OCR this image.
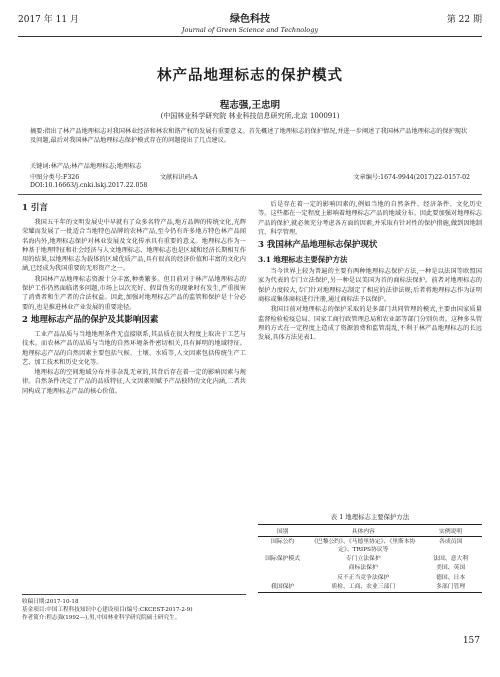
2017 年 11 月	绿色科技
Journal of Green Science and Technology
第 22 期
林产品地理标志的保护模式
程志强,王忠明
(中国林业科学研究院 林业科技信息研究所,北京 100091)
摘要:指出了林产品地理标志对我国林业经济和林农和谐产权的发展有重要意义。首先概述了地理标志的保护情况,并进一步阐述了我国林产品地理标志的保护现状及问题,最后对我国林产品地理标志保护模式存在的问题提出了几点建议。
关键词:林产品;林产品地理标志;地理标志
中图分类号:F326	文献标识码:A	文章编号:1674-9944(2017)22-0157-02
DOI:10.16663/j.cnki.lskj.2017.22.058
1 引言

我国五千年的文明发展史中早就有了众多名特产品,地方品牌的传统文化,光辉荣耀而发展了一批适合当地特色品牌的农林产品,至今仍有许多地方特色林产品闻名海内外,地理标志保护对林业发展及文化传承具有重要的意义。地理标志作为一种基于地理特征和社会经济与人文地理标志、地理标志也是区域和经济长期相互作用的结果,以地理标志为载体的区域优质产品,具有很高的经济价值和丰富的文化内涵,已经成为我国重要的无形资产之一。

我国林产品地理标志资源十分丰富,种类繁多。但目前对于林产品地理标志的保护工作仍然面临诸多问题,市场上以次充好、假冒伪劣的现象时有发生,严重损害了消费者和生产者的合法权益。因此,加强对地理标志产品的监管和保护是十分必要的,也是推进林业产业发展的重要途径。

2 地理标志产品的保护及其影响因素

工业产品品质与当地地理条件无直接联系,其品质在很大程度上取决于工艺与技术。而农林产品的品质与当地的自然环境条件密切相关,具有鲜明的地域特征。地理标志产品的自然因素主要包括气候、土壤、水质等,人文因素包括传统生产工艺、加工技术和历史文化等。

地理标志的空间地域分布并非杂乱无章的,其背后存在着一定的影响因素与规律。自然条件决定了产品的品质特征,人文因素则赋予产品独特的文化内涵,二者共同构成了地理标志产品的核心价值。

后是存在着一定的影响因素的,例如当地的自然条件、经济条件、文化历史等。这些都在一定程度上影响着地理标志产品的地域分布。因此要加强对地理标志产品的保护,就必须充分考虑各方面的因素,并采取有针对性的保护措施,做到因地制宜、科学管理。

3 我国林产品地理标志保护现状
3.1 地理标志主要保护方法

当今世界上较为普遍的主要有两种地理标志保护方法,一种是以法国等欧盟国家为代表的专门立法保护,另一种是以美国为首的商标法保护。前者对地理标志的保护力度较大,专门针对地理标志制定了相应的法律法规;后者将地理标志作为证明商标或集体商标进行注册,通过商标法予以保护。

我国目前对地理标志的保护采取的是多部门共同管理的模式,主要由国家质量监督检验检疫总局、国家工商行政管理总局和农业部等部门分别负责。这种多头管理的方式在一定程度上造成了资源浪费和监管混乱,不利于林产品地理标志的长远发展,具体方法见表1。

表 1 地理标志主要保护方法
国别	具体内容	实例说明
国际公约	《巴黎公约》、《马德里协定》、《里斯本协定》、TRIPS协议等	各成员国
国际保护模式	专门立法保护	法国、意大利
	商标法保护	美国、英国
	反不正当竞争法保护	德国、日本
我国保护	质检、工商、农业三部门	多部门管理
收稿日期:2017-10-18
基金项目:中国工程科技知识中心建设项目(编号:CKCEST-2017-2-9)
作者简介:程志强(1992—),男,中国林业科学研究院硕士研究生。
157
